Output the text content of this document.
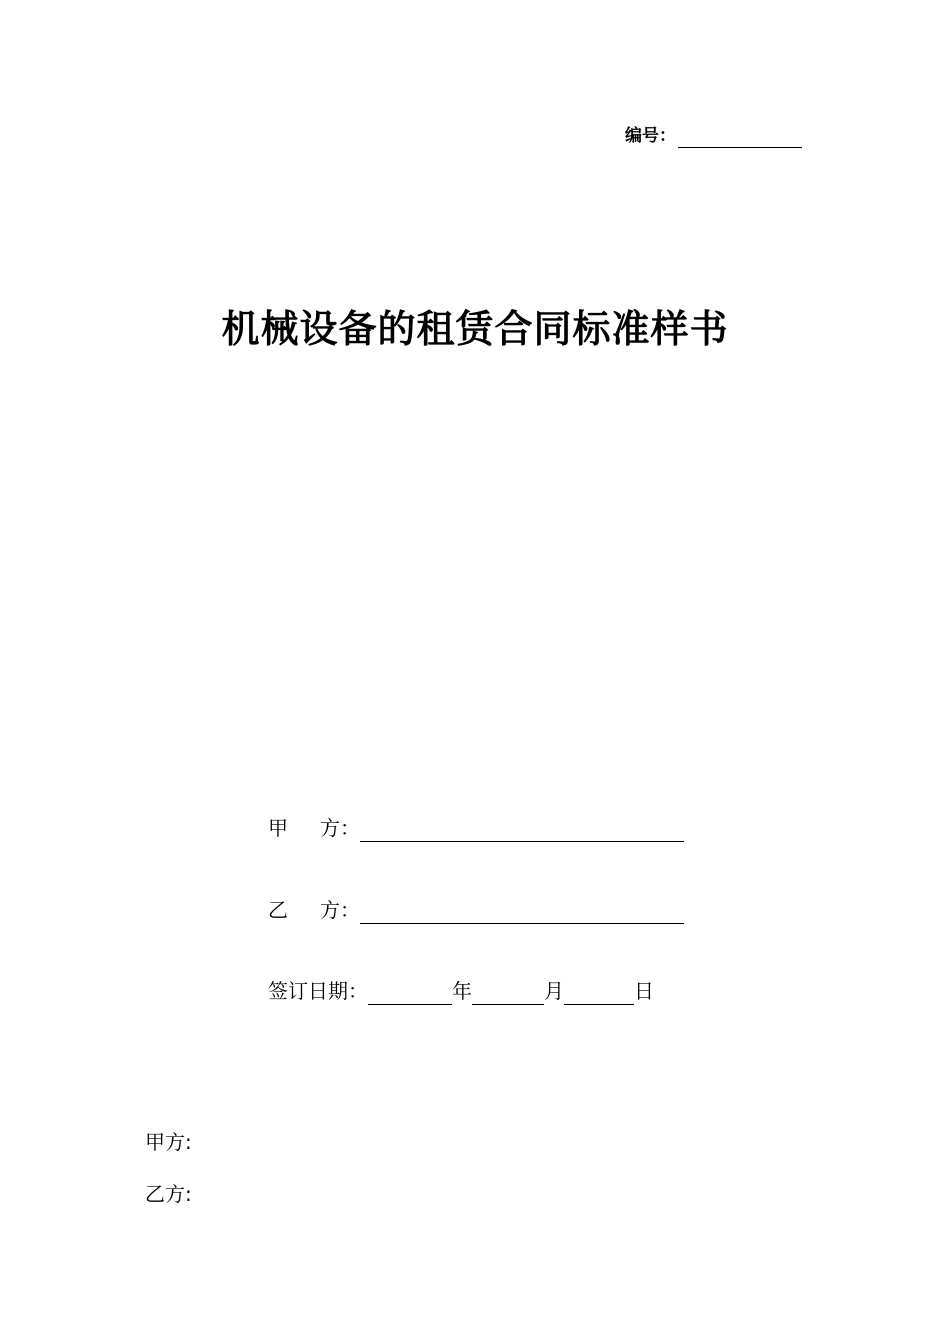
编号：
机械设备的租赁合同标准样书
甲 方 ：
乙 方 ：
签订日期：	年	月	日
甲方:
乙方:
